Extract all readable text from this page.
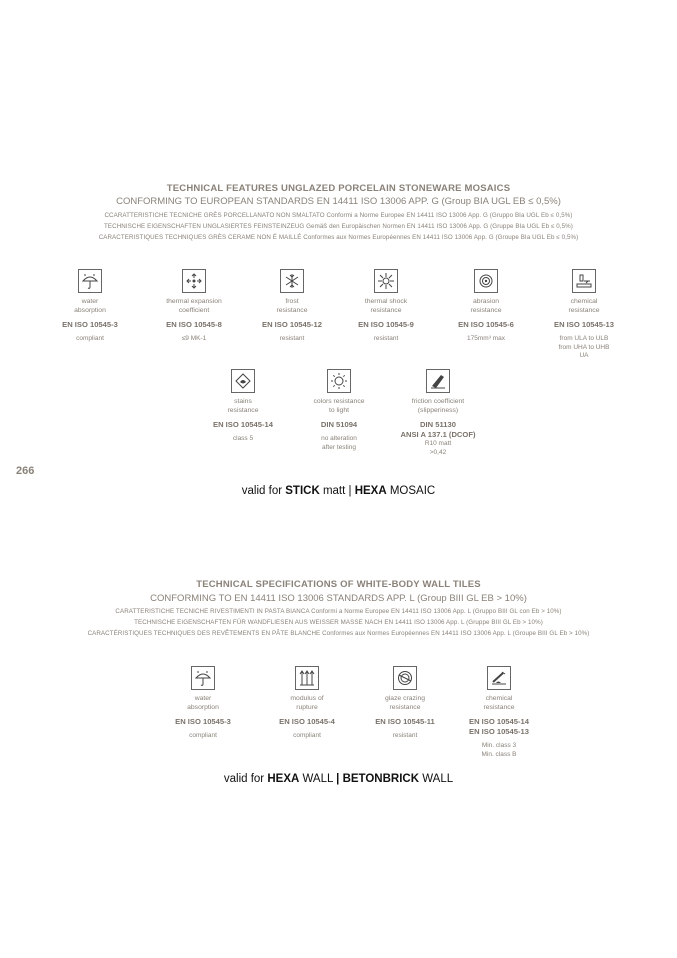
TECHNICAL FEATURES UNGLAZED PORCELAIN STONEWARE MOSAICS
CONFORMING TO EUROPEAN STANDARDS EN 14411 ISO 13006 APP. G (Group BIA UGL EB ≤ 0,5%)
CCARATTERISTICHE TECNICHE GRÈS PORCELLANATO NON SMALTATO Conformi a Norme Europee EN 14411 ISO 13006 App. G (Gruppo BIa UGL Eb ≤ 0,5%)
TECHNISCHE EIGENSCHAFTEN UNGLASIERTES FEINSTEINZEUG Gemäß den Europäischen Normen EN 14411 ISO 13006 App. G (Gruppe BIa UGL Eb ≤ 0,5%)
CARACTERISTIQUES TECHNIQUES GRÈS CERAME NON É MAILLÉ Conformes aux Normes Européennes EN 14411 ISO 13006 App. G (Groupe BIa UGL Eb ≤ 0,5%)
water
absorption
EN ISO 10545-3
compliant
thermal expansion
coefficient
EN ISO 10545-8
≤9 MK-1
frost
resistance
EN ISO 10545-12
resistant
thermal shock
resistance
EN ISO 10545-9
resistant
abrasion
resistance
EN ISO 10545-6
175mm³ max
chemical
resistance
EN ISO 10545-13
from ULA to ULB
from UHA to UHB
UA
stains
resistance
EN ISO 10545-14
class 5
colors resistance
to light
DIN 51094
no alteration
after testing
friction coefficient
(slipperiness)
DIN 51130
ANSI A 137.1 (DCOF)
R10 matt
>0,42
266
valid for STICK matt | HEXA MOSAIC
TECHNICAL SPECIFICATIONS OF WHITE-BODY WALL TILES
CONFORMING TO EN 14411 ISO 13006 STANDARDS APP. L (Group BIII GL EB > 10%)
CARATTERISTICHE TECNICHE RIVESTIMENTI IN PASTA BIANCA Conformi a Norme Europee EN 14411 ISO 13006 App. L (Gruppo BIII GL con Eb > 10%)
TECHNISCHE EIGENSCHAFTEN FÜR WANDFLIESEN AUS WEISSER MASSE NACH EN 14411 ISO 13006 App. L (Gruppe BIII GL Eb > 10%)
CARACTÉRISTIQUES TECHNIQUES DES REVÊTEMENTS EN PÂTE BLANCHE Conformes aux Normes Européennes EN 14411 ISO 13006 App. L (Groupe BIII GL Eb > 10%)
water
absorption
EN ISO 10545-3
compliant
modulus of
rupture
EN ISO 10545-4
compliant
glaze crazing
resistance
EN ISO 10545-11
resistant
chemical
resistance
EN ISO 10545-14
EN ISO 10545-13
Min. class 3
Min. class B
valid for HEXA WALL | BETONBRICK WALL
